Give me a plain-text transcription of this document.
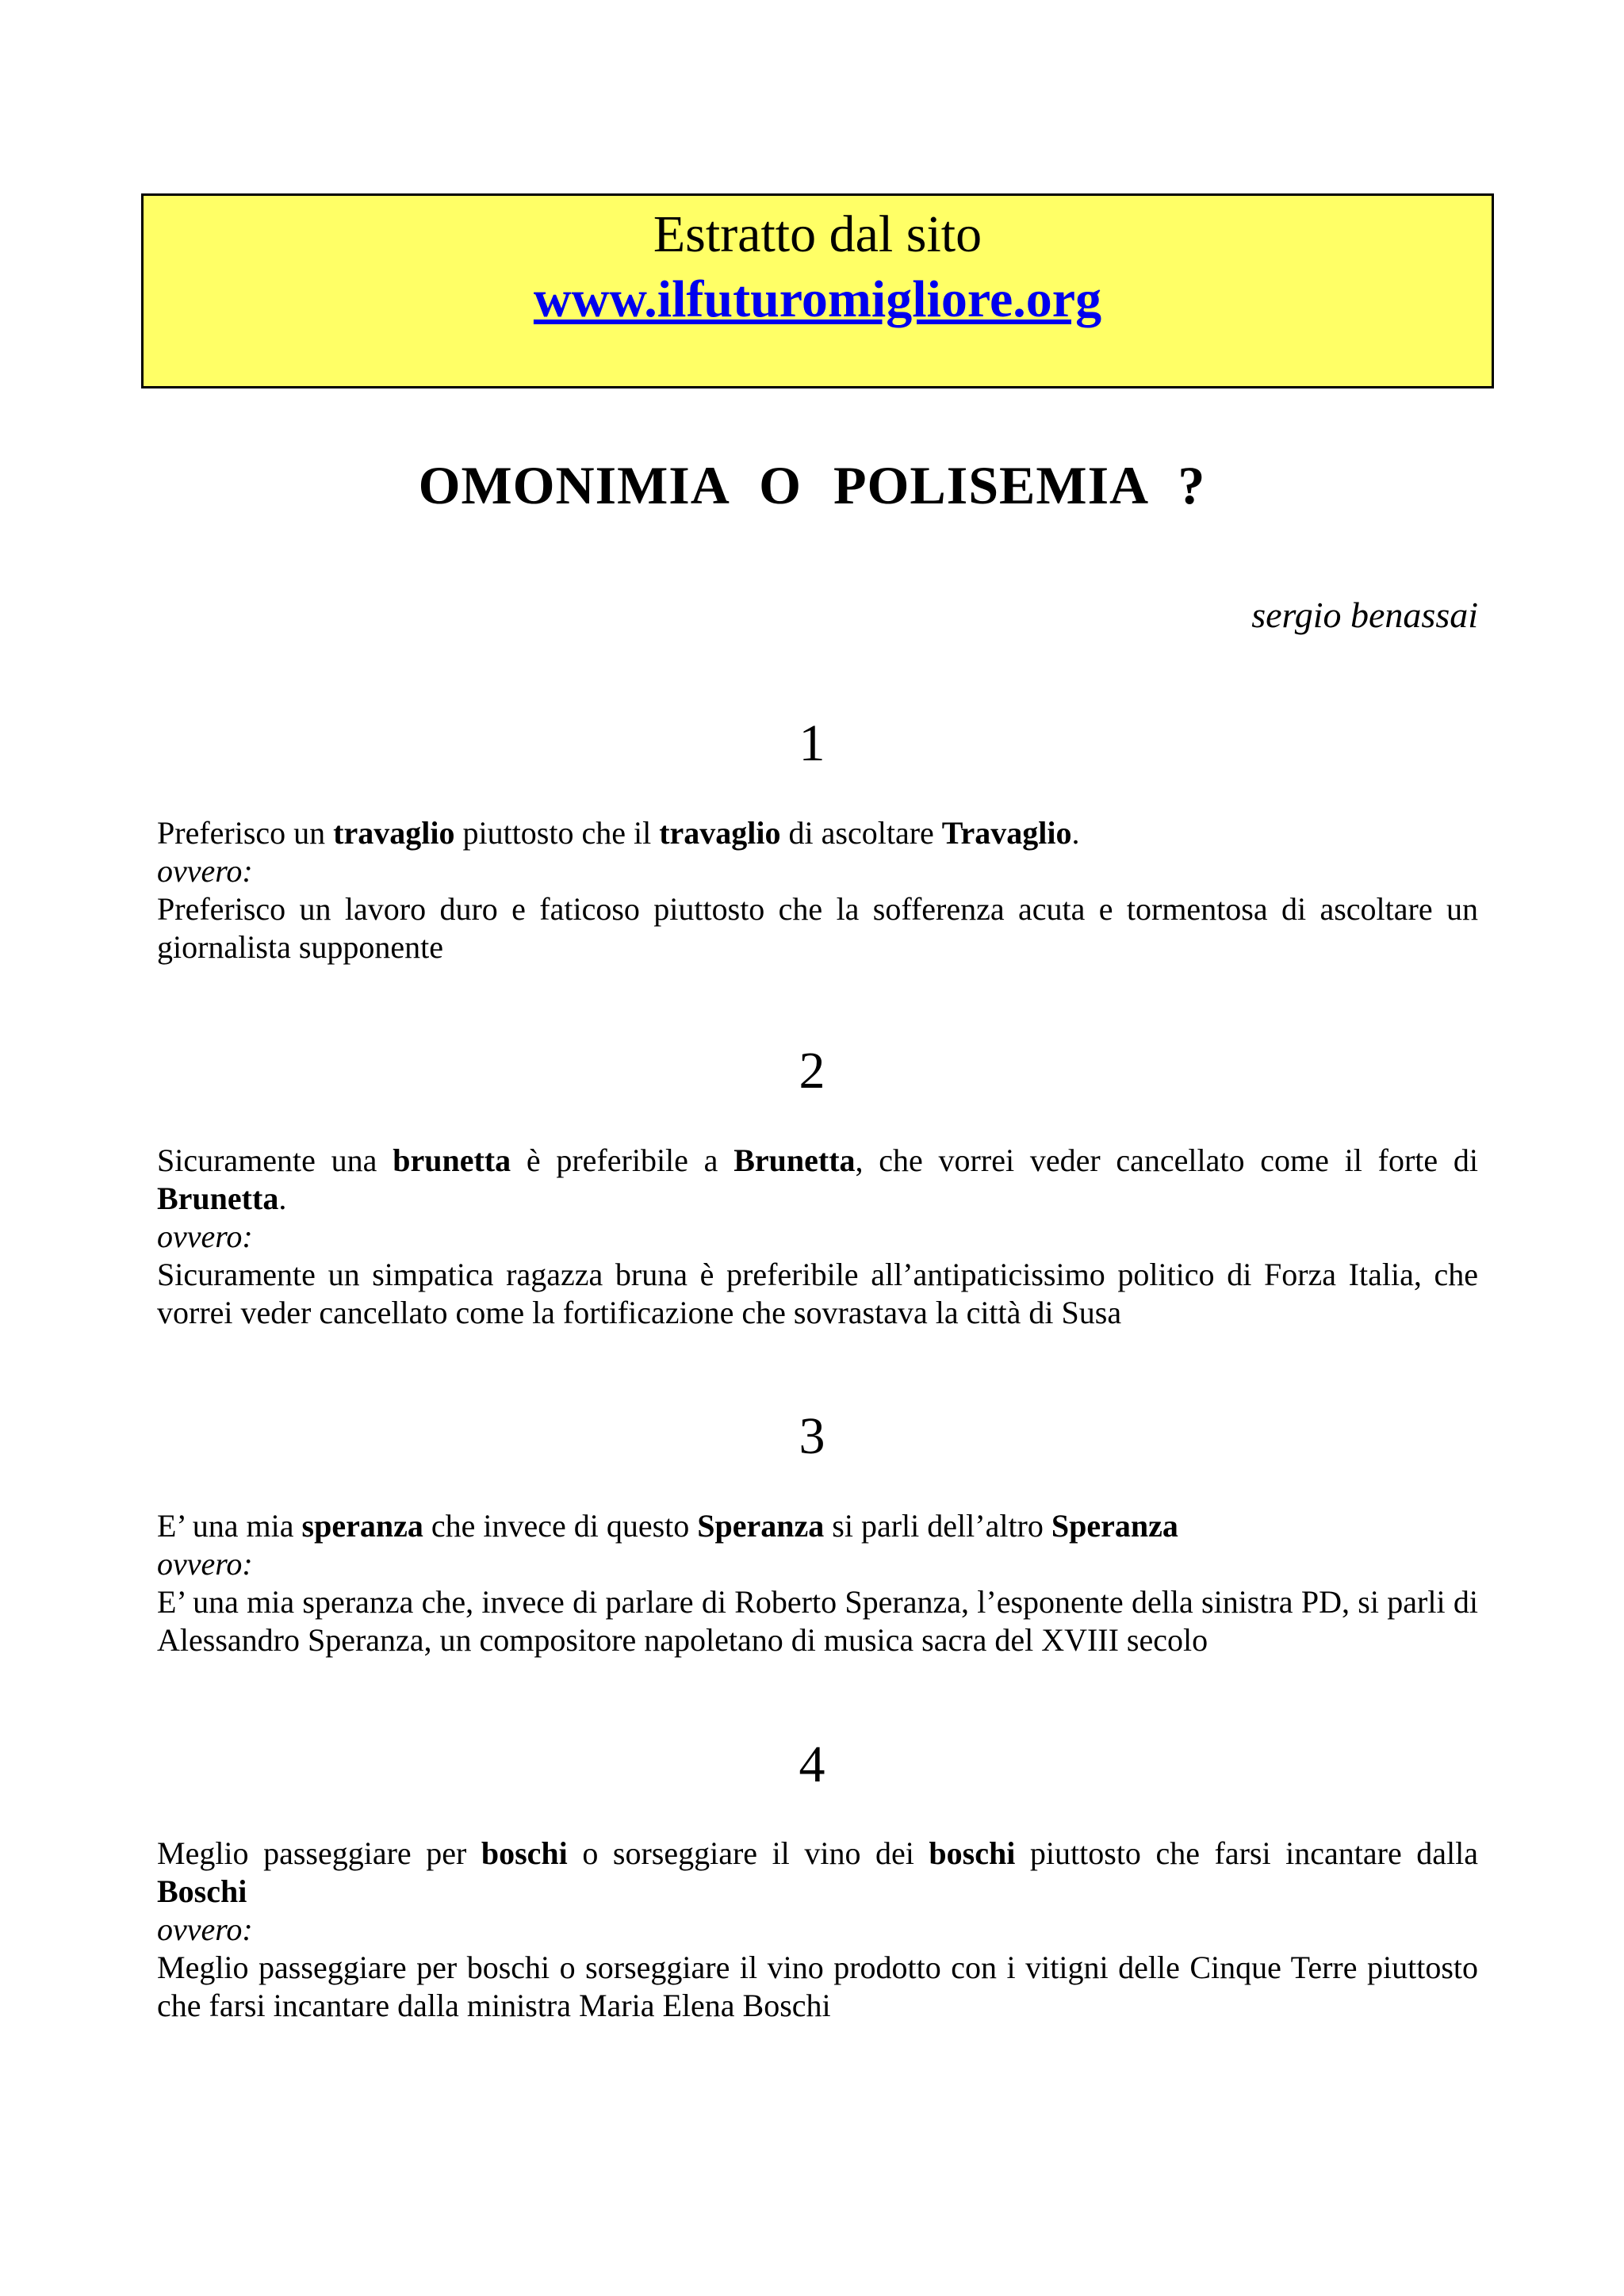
Estratto dal sito
www.ilfuturomigliore.org
OMONIMIA O POLISEMIA ?
sergio benassai
1

Preferisco un travaglio piuttosto che il travaglio di ascoltare Travaglio.

ovvero:

Preferisco un lavoro duro e faticoso piuttosto che la sofferenza acuta e tormentosa di ascoltare un giornalista supponente

2

Sicuramente una brunetta è preferibile a Brunetta, che vorrei veder cancellato come il forte di Brunetta.

ovvero:

Sicuramente un simpatica ragazza bruna è preferibile all’antipaticissimo politico di Forza Italia, che vorrei veder cancellato come la fortificazione che sovrastava la città di Susa

3

E’ una mia speranza che invece di questo Speranza si parli dell’altro Speranza

ovvero:

E’ una mia speranza che, invece di parlare di Roberto Speranza, l’esponente della sinistra PD, si parli di Alessandro Speranza, un compositore napoletano di musica sacra del XVIII secolo

4

Meglio passeggiare per boschi o sorseggiare il vino dei boschi piuttosto che farsi incantare dalla Boschi

ovvero:

Meglio passeggiare per boschi o sorseggiare il vino prodotto con i vitigni delle Cinque Terre piuttosto che farsi incantare dalla ministra Maria Elena Boschi
